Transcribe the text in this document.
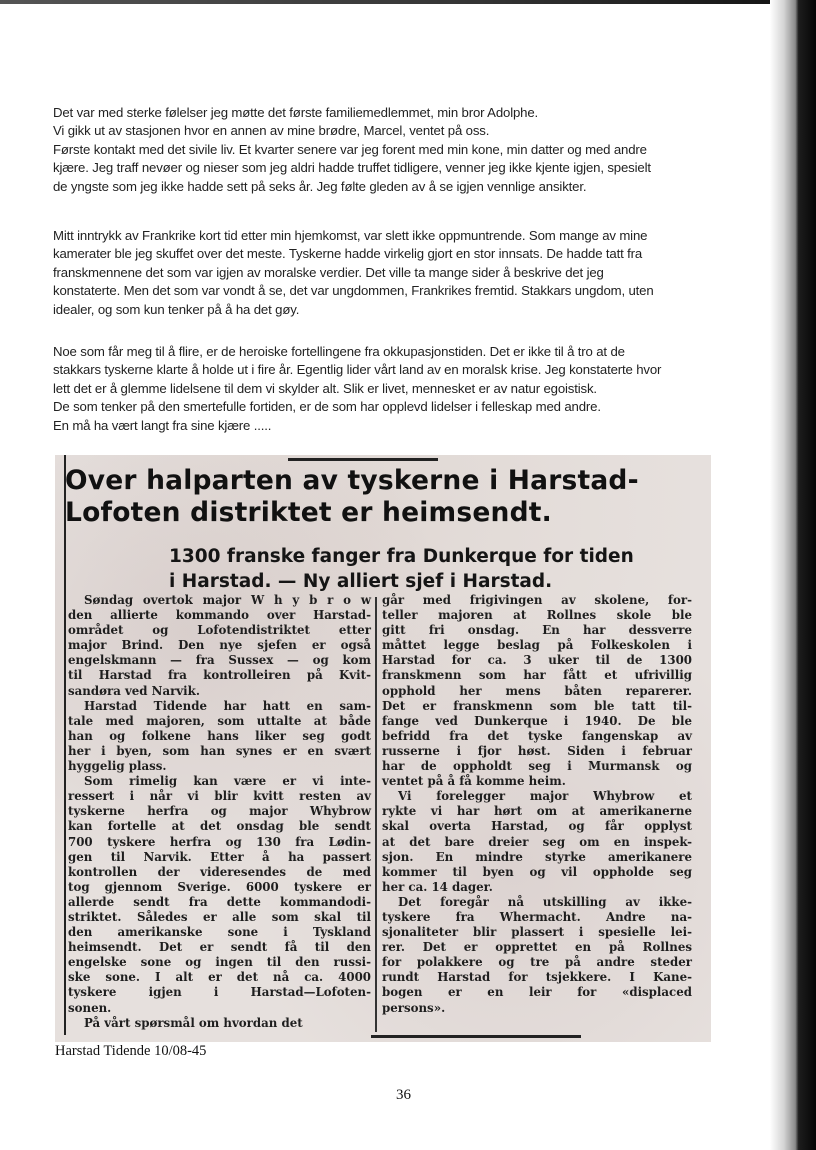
Det var med sterke følelser jeg møtte det første familiemedlemmet, min bror Adolphe.

Vi gikk ut av stasjonen hvor en annen av mine brødre, Marcel, ventet på oss.

Første kontakt med det sivile liv. Et kvarter senere var jeg forent med min kone, min datter og med andre

kjære. Jeg traff nevøer og nieser som jeg aldri hadde truffet tidligere, venner jeg ikke kjente igjen, spesielt

de yngste som jeg ikke hadde sett på seks år. Jeg følte gleden av å se igjen vennlige ansikter.

Mitt inntrykk av Frankrike kort tid etter min hjemkomst, var slett ikke oppmuntrende. Som mange av mine

kamerater ble jeg skuffet over det meste. Tyskerne hadde virkelig gjort en stor innsats. De hadde tatt fra

franskmennene det som var igjen av moralske verdier. Det ville ta mange sider å beskrive det jeg

konstaterte. Men det som var vondt å se, det var ungdommen, Frankrikes fremtid. Stakkars ungdom, uten

idealer, og som kun tenker på å ha det gøy.

Noe som får meg til å flire, er de heroiske fortellingene fra okkupasjonstiden. Det er ikke til å tro at de

stakkars tyskerne klarte å holde ut i fire år. Egentlig lider vårt land av en moralsk krise. Jeg konstaterte hvor

lett det er å glemme lidelsene til dem vi skylder alt. Slik er livet, mennesket er av natur egoistisk.

De som tenker på den smertefulle fortiden, er de som har opplevd lidelser i felleskap med andre.

En må ha vært langt fra sine kjære .....

Over halparten av tyskerne i Harstad-
Lofoten distriktet er heimsendt.
1300 franske fanger fra Dunkerque for tiden
i Harstad. — Ny alliert sjef i Harstad.
Søndag overtok major W h y b r o w
den allierte kommando over Harstad-
området og Lofotendistriktet etter
major Brind. Den nye sjefen er også
engelskmann — fra Sussex — og kom
til Harstad fra kontrolleiren på Kvit-
sandøra ved Narvik.
Harstad Tidende har hatt en sam-
tale med majoren, som uttalte at både
han og folkene hans liker seg godt
her i byen, som han synes er en svært
hyggelig plass.
Som rimelig kan være er vi inte-
ressert i når vi blir kvitt resten av
tyskerne herfra og major Whybrow
kan fortelle at det onsdag ble sendt
700 tyskere herfra og 130 fra Lødin-
gen til Narvik. Etter å ha passert
kontrollen der videresendes de med
tog gjennom Sverige. 6000 tyskere er
allerde sendt fra dette kommandodi-
striktet. Således er alle som skal til
den amerikanske sone i Tyskland
heimsendt. Det er sendt få til den
engelske sone og ingen til den russi-
ske sone. I alt er det nå ca. 4000
tyskere igjen i Harstad—Lofoten-
sonen.
På vårt spørsmål om hvordan det
går med frigivingen av skolene, for-
teller majoren at Rollnes skole ble
gitt fri onsdag. En har dessverre
måttet legge beslag på Folkeskolen i
Harstad for ca. 3 uker til de 1300
franskmenn som har fått et ufrivillig
opphold her mens båten reparerer.
Det er franskmenn som ble tatt til-
fange ved Dunkerque i 1940. De ble
befridd fra det tyske fangenskap av
russerne i fjor høst. Siden i februar
har de oppholdt seg i Murmansk og
ventet på å få komme heim.
Vi forelegger major Whybrow et
rykte vi har hørt om at amerikanerne
skal overta Harstad, og får opplyst
at det bare dreier seg om en inspek-
sjon. En mindre styrke amerikanere
kommer til byen og vil oppholde seg
her ca. 14 dager.
Det foregår nå utskilling av ikke-
tyskere fra Whermacht. Andre na-
sjonaliteter blir plassert i spesielle lei-
rer. Det er opprettet en på Rollnes
for polakkere og tre på andre steder
rundt Harstad for tsjekkere. I Kane-
bogen er en leir for «displaced
persons».
Harstad Tidende 10/08-45
36
